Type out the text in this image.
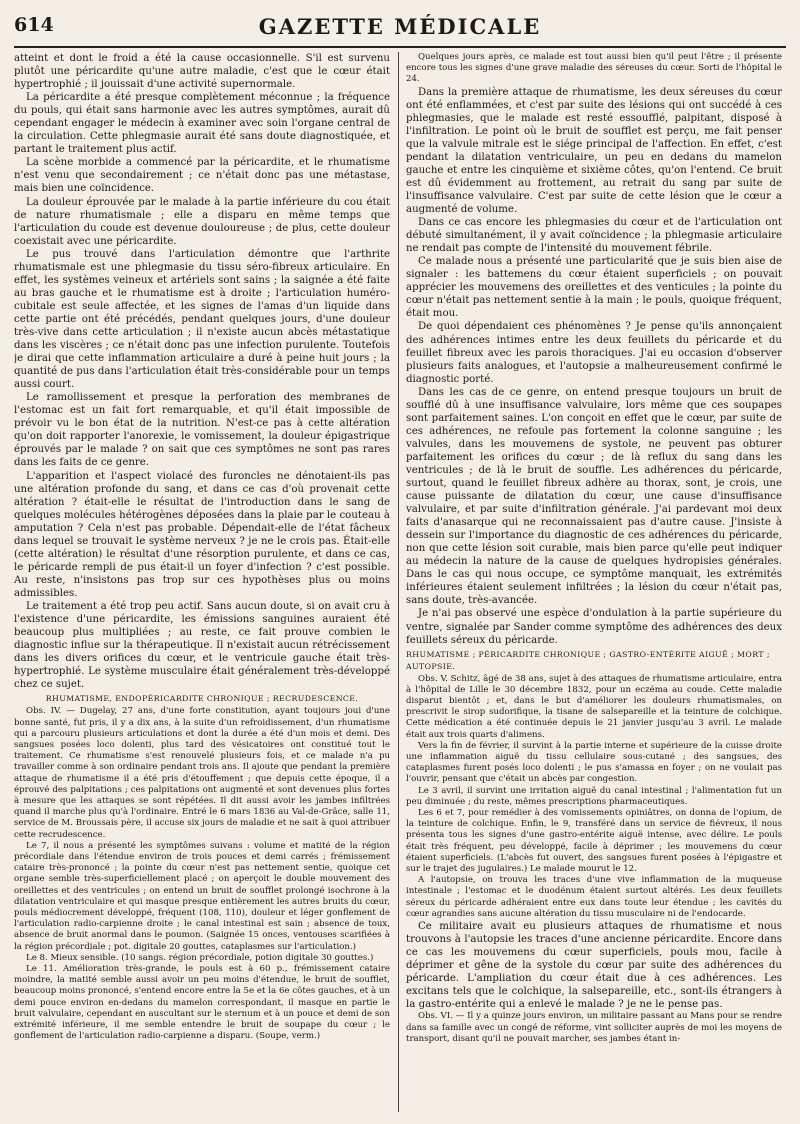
614	GAZETTE MÉDICALE

atteint et dont le froid a été la cause occasionnelle. S'il est survenu plutôt une péricardite qu'une autre maladie, c'est que le cœur était hypertrophié ; il jouissait d'une activité supernormale.

La péricardite a été presque complètement méconnue ; la fréquence du pouls, qui était sans harmonie avec les autres symptômes, aurait dû cependant engager le médecin à examiner avec soin l'organe central de la circulation. Cette phlegmasie aurait été sans doute diagnostiquée, et partant le traitement plus actif.

La scène morbide a commencé par la péricardite, et le rhumatisme n'est venu que secondairement ; ce n'était donc pas une métastase, mais bien une coïncidence.

La douleur éprouvée par le malade à la partie inférieure du cou était de nature rhumatismale ; elle a disparu en même temps que l'articulation du coude est devenue douloureuse ; de plus, cette douleur coexistait avec une péricardite.

Le pus trouvé dans l'articulation démontre que l'arthrite rhumatismale est une phlegmasie du tissu séro-fibreux articulaire. En effet, les systèmes veineux et artériels sont sains ; la saignée a été faite au bras gauche et le rhumatisme est à droite ; l'articulation huméro-cubitale est seule affectée, et les signes de l'amas d'un liquide dans cette partie ont été précédés, pendant quelques jours, d'une douleur très-vive dans cette articulation ; il n'existe aucun abcès métastatique dans les viscères ; ce n'était donc pas une infection purulente. Toutefois je dirai que cette inflammation articulaire a duré à peine huit jours ; la quantité de pus dans l'articulation était très-considérable pour un temps aussi court.

Le ramollissement et presque la perforation des membranes de l'estomac est un fait fort remarquable, et qu'il était impossible de prévoir vu le bon état de la nutrition. N'est-ce pas à cette altération qu'on doit rapporter l'anorexie, le vomissement, la douleur épigastrique éprouvés par le malade ? on sait que ces symptômes ne sont pas rares dans les faits de ce genre.

L'apparition et l'aspect violacé des furoncles ne dénotaient-ils pas une altération profonde du sang, et dans ce cas d'où provenait cette altération ? était-elle le résultat de l'introduction dans le sang de quelques molécules hétérogènes déposées dans la plaie par le couteau à amputation ? Cela n'est pas probable. Dépendait-elle de l'état fâcheux dans lequel se trouvait le système nerveux ? je ne le crois pas. Était-elle (cette altération) le résultat d'une résorption purulente, et dans ce cas, le péricarde rempli de pus était-il un foyer d'infection ? c'est possible. Au reste, n'insistons pas trop sur ces hypothèses plus ou moins admissibles.

Le traitement a été trop peu actif. Sans aucun doute, si on avait cru à l'existence d'une péricardite, les émissions sanguines auraient été beaucoup plus multipliées ; au reste, ce fait prouve combien le diagnostic influe sur la thérapeutique. Il n'existait aucun rétrécissement dans les divers orifices du cœur, et le ventricule gauche était très-hypertrophié. Le système musculaire était généralement très-développé chez ce sujet.

RHUMATISME, ENDOPÉRICARDITE CHRONIQUE ; RECRUDESCENCE.

Obs. IV. — Dugelay, 27 ans, d'une forte constitution, ayant toujours joui d'une bonne santé, fut pris, il y a dix ans, à la suite d'un refroidissement, d'un rhumatisme qui a parcouru plusieurs articulations et dont la durée a été d'un mois et demi. Des sangsues posées loco dolenti, plus tard des vésicatoires ont constitué tout le traitement. Ce rhumatisme s'est renouvelé plusieurs fois, et ce malade n'a pu travailler comme à son ordinaire pendant trois ans. Il ajoute que pendant la première attaque de rhumatisme il a été pris d'étouffement ; que depuis cette époque, il a éprouvé des palpitations ; ces palpitations ont augmenté et sont devenues plus fortes à mesure que les attaques se sont répétées. Il dit aussi avoir les jambes infiltrées quand il marche plus qu'à l'ordinaire. Entré le 6 mars 1836 au Val-de-Grâce, salle 11, service de M. Broussais père, il accuse six jours de maladie et ne sait à quoi attribuer cette recrudescence.

Le 7, il nous a présenté les symptômes suivans : volume et matité de la région précordiale dans l'étendue environ de trois pouces et demi carrés ; frémissement cataire très-prononcé ; la pointe du cœur n'est pas nettement sentie, quoique cet organe semble très-superficiellement placé ; on aperçoit le double mouvement des oreillettes et des ventricules ; on entend un bruit de soufflet prolongé isochrone à la dilatation ventriculaire et qui masque presque entièrement les autres bruits du cœur, pouls médiocrement développé, fréquent (108, 110), douleur et léger gonflement de l'articulation radio-carpienne droite ; le canal intestinal est sain ; absence de toux, absence de bruit anormal dans le poumon. (Saignée 15 onces, ventouses scarifiées à la région précordiale ; pot. digitale 20 gouttes, cataplasmes sur l'articulation.)

Le 8. Mieux sensible. (10 sangs. région précordiale, potion digitale 30 gouttes.)

Le 11. Amélioration très-grande, le pouls est à 60 p., frémissement cataire moindre, la matité semble aussi avoir un peu moins d'étendue, le bruit de soufflet, beaucoup moins prononcé, s'entend encore entre la 5e et la 6e côtes gauches, et à un demi pouce environ en-dedans du mamelon correspondant, il masque en partie le bruit valvulaire, cependant en auscultant sur le sternum et à un pouce et demi de son extrémité inférieure, il me semble entendre le bruit de soupape du cœur ; le gonflement de l'articulation radio-carpienne a disparu. (Soupe, verm.)

Quelques jours après, ce malade est tout aussi bien qu'il peut l'être ; il présente encore tous les signes d'une grave maladie des séreuses du cœur. Sorti de l'hôpital le 24.

Dans la première attaque de rhumatisme, les deux séreuses du cœur ont été enflammées, et c'est par suite des lésions qui ont succédé à ces phlegmasies, que le malade est resté essoufflé, palpitant, disposé à l'infiltration. Le point où le bruit de soufflet est perçu, me fait penser que la valvule mitrale est le siége principal de l'affection. En effet, c'est pendant la dilatation ventriculaire, un peu en dedans du mamelon gauche et entre les cinquième et sixième côtes, qu'on l'entend. Ce bruit est dû évidemment au frottement, au retrait du sang par suite de l'insuffisance valvulaire. C'est par suite de cette lésion que le cœur a augmenté de volume.

Dans ce cas encore les phlegmasies du cœur et de l'articulation ont débuté simultanément, il y avait coïncidence ; la phlegmasie articulaire ne rendait pas compte de l'intensité du mouvement fébrile.

Ce malade nous a présenté une particularité que je suis bien aise de signaler : les battemens du cœur étaient superficiels ; on pouvait apprécier les mouvemens des oreillettes et des venticules ; la pointe du cœur n'était pas nettement sentie à la main ; le pouls, quoique fréquent, était mou.

De quoi dépendaient ces phénomènes ? Je pense qu'ils annonçaient des adhérences intimes entre les deux feuillets du péricarde et du feuillet fibreux avec les parois thoraciques. J'ai eu occasion d'observer plusieurs faits analogues, et l'autopsie a malheureusement confirmé le diagnostic porté.

Dans les cas de ce genre, on entend presque toujours un bruit de soufflé dû à une insuffisance valvulaire, lors même que ces soupapes sont parfaitement saines. L'on conçoit en effet que le cœur, par suite de ces adhérences, ne refoule pas fortement la colonne sanguine ; les valvules, dans les mouvemens de systole, ne peuvent pas obturer parfaitement les orifices du cœur ; de là reflux du sang dans les ventricules ; de là le bruit de souffle. Les adhérences du péricarde, surtout, quand le feuillet fibreux adhère au thorax, sont, je crois, une cause puissante de dilatation du cœur, une cause d'insuffisance valvulaire, et par suite d'infiltration générale. J'ai pardevant moi deux faits d'anasarque qui ne reconnaissaient pas d'autre cause. J'insiste à dessein sur l'importance du diagnostic de ces adhérences du péricarde, non que cette lésion soit curable, mais bien parce qu'elle peut indiquer au médecin la nature de la cause de quelques hydropisies générales. Dans le cas qui nous occupe, ce symptôme manquait, les extrémités inférieures étaient seulement infiltrées ; la lésion du cœur n'était pas, sans doute, très-avancée.

Je n'ai pas observé une espèce d'ondulation à la partie supérieure du ventre, signalée par Sander comme symptôme des adhérences des deux feuillets séreux du péricarde.

RHUMATISME ; PÉRICARDITE CHRONIQUE ; GASTRO-ENTÉRITE AIGUË ; MORT ; AUTOPSIE.

Obs. V. Schitz, âgé de 38 ans, sujet à des attaques de rhumatisme articulaire, entra à l'hôpital de Lille le 30 décembre 1832, pour un eczéma au coude. Cette maladie disparut bientôt ; et, dans le but d'améliorer les douleurs rhumatismales, on prescrivit le sirop sudorifique, la tisane de salsepareille et la teinture de colchique. Cette médication a été continuée depuis le 21 janvier jusqu'au 3 avril. Le malade était aux trois quarts d'alimens.

Vers la fin de février, il survint à la partie interne et supérieure de la cuisse droite une inflammation aiguë du tissu cellulaire sous-cutané ; des sangsues, des cataplasmes furent posés loco dolenti ; le pus s'amassa en foyer ; on ne voulait pas l'ouvrir, pensant que c'était un abcès par congestion.

Le 3 avril, il survint une irritation aiguë du canal intestinal ; l'alimentation fut un peu diminuée ; du reste, mêmes prescriptions pharmaceutiques.

Les 6 et 7, pour remédier à des vomissements opiniâtres, on donna de l'opium, de la teinture de colchique. Enfin, le 9, transféré dans un service de fiévreux, il nous présenta tous les signes d'une gastro-entérite aiguë intense, avec délire. Le pouls était très fréquent, peu développé, facile à déprimer ; les mouvemens du cœur étaient superficiels. (L'abcès fut ouvert, des sangsues furent posées à l'épigastre et sur le trajet des jugulaires.) Le malade mourut le 12.

A l'autopsie, on trouva les traces d'une vive inflammation de la muqueuse intestinale ; l'estomac et le duodénum étaient surtout altérés. Les deux feuillets séreux du péricarde adhéraient entre eux dans toute leur étendue ; les cavités du cœur agrandies sans aucune altération du tissu musculaire ni de l'endocarde.

Ce militaire avait eu plusieurs attaques de rhumatisme et nous trouvons à l'autopsie les traces d'une ancienne péricardite. Encore dans ce cas les mouvemens du cœur superficiels, pouls mou, facile à déprimer et gêne de la systole du cœur par suite des adhérences du péricarde. L'ampliation du cœur était due à ces adhérences. Les excitans tels que le colchique, la salsepareille, etc., sont-ils étrangers à la gastro-entérite qui a enlevé le malade ? je ne le pense pas.

Obs. VI. — Il y a quinze jours environ, un militaire passant au Mans pour se rendre dans sa famille avec un congé de réforme, vint solliciter auprès de moi les moyens de transport, disant qu'il ne pouvait marcher, ses jambes étant in-
